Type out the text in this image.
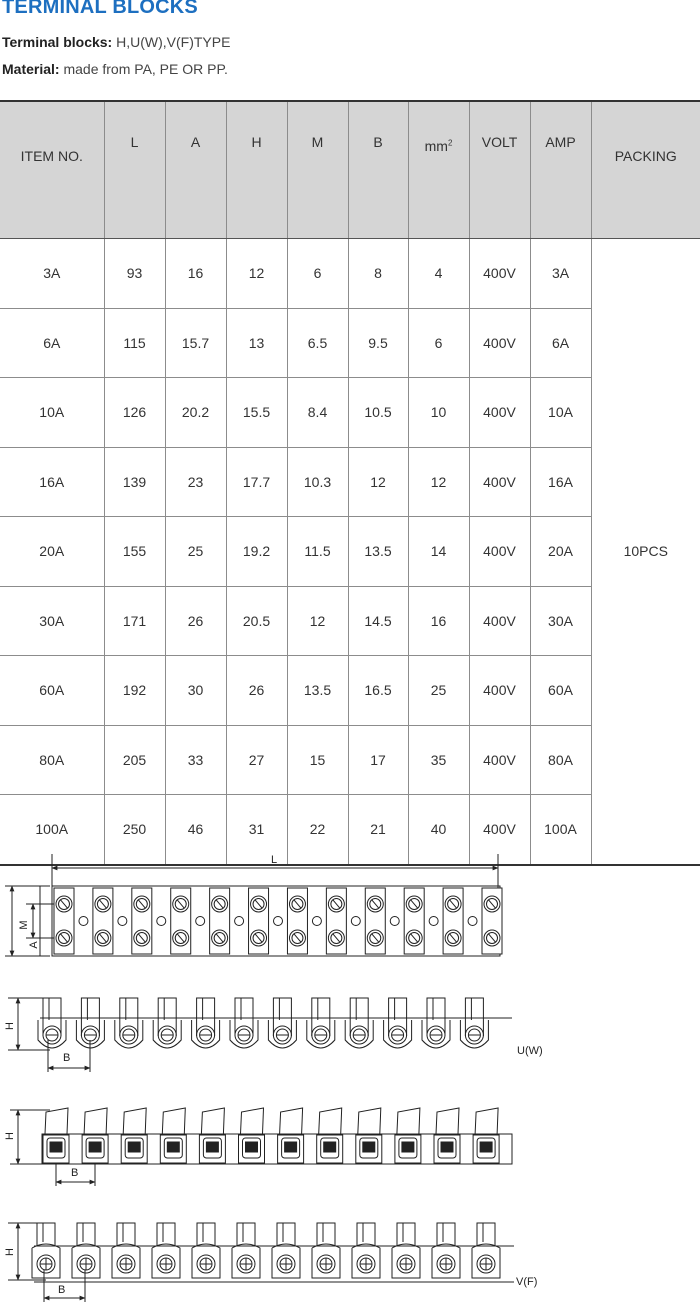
TERMINAL BLOCKS
Terminal blocks: H,U(W),V(F)TYPE
Material: made from PA, PE OR PP.
ITEM NO.	L	A	H	M	B	$mm^2$	VOLT	AMP	PACKING
3A	93	16	12	6	8	4	400V	3A	10PCS
6A	115	15.7	13	6.5	9.5	6	400V	6A	
10A	126	20.2	15.5	8.4	10.5	10	400V	10A	
16A	139	23	17.7	10.3	12	12	400V	16A	
20A	155	25	19.2	11.5	13.5	14	400V	20A	
30A	171	26	20.5	12	14.5	16	400V	30A	
60A	192	30	26	13.5	16.5	25	400V	60A	
80A	205	33	27	15	17	35	400V	80A	
100A	250	46	31	22	21	40	400V	100A	
L
M
A
H
B
U(W)
H
B
H
B
V(F)
